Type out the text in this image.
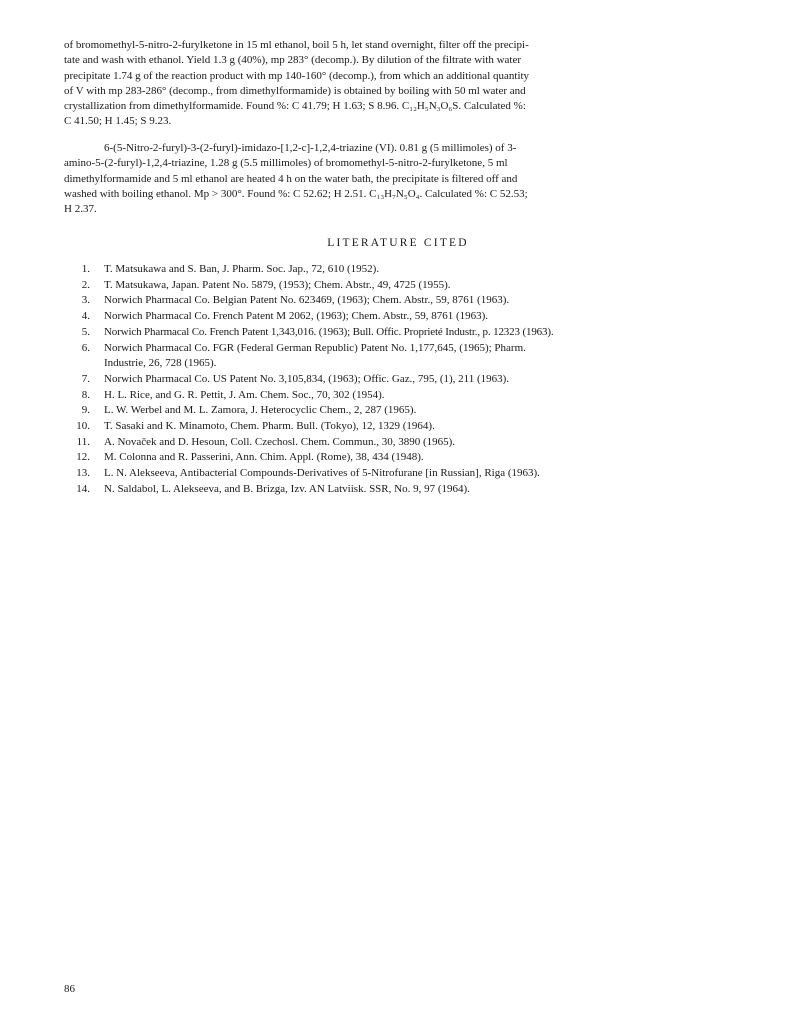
of bromomethyl-5-nitro-2-furylketone in 15 ml ethanol, boil 5 h, let stand overnight, filter off the precipi-
tate and wash with ethanol. Yield 1.3 g (40%), mp 283° (decomp.). By dilution of the filtrate with water
precipitate 1.74 g of the reaction product with mp 140-160° (decomp.), from which an additional quantity
of V with mp 283-286° (decomp., from dimethylformamide) is obtained by boiling with 50 ml water and
crystallization from dimethylformamide. Found %: C 41.79; H 1.63; S 8.96. C₁₂H₅N₃O₆S. Calculated %:
C 41.50; H 1.45; S 9.23.

6-(5-Nitro-2-furyl)-3-(2-furyl)-imidazo-[1,2-c]-1,2,4-triazine (VI). 0.81 g (5 millimoles) of 3-
amino-5-(2-furyl)-1,2,4-triazine, 1.28 g (5.5 millimoles) of bromomethyl-5-nitro-2-furylketone, 5 ml
dimethylformamide and 5 ml ethanol are heated 4 h on the water bath, the precipitate is filtered off and
washed with boiling ethanol. Mp > 300°. Found %: C 52.62; H 2.51. C₁₃H₇N₅O₄. Calculated %: C 52.53;
H 2.37.

LITERATURE CITED
1. T. Matsukawa and S. Ban, J. Pharm. Soc. Jap., 72, 610 (1952).
2. T. Matsukawa, Japan. Patent No. 5879, (1953); Chem. Abstr., 49, 4725 (1955).
3. Norwich Pharmacal Co. Belgian Patent No. 623469, (1963); Chem. Abstr., 59, 8761 (1963).
4. Norwich Pharmacal Co. French Patent M 2062, (1963); Chem. Abstr., 59, 8761 (1963).
5. Norwich Pharmacal Co. French Patent 1,343,016. (1963); Bull. Offic. Proprieté Industr., p. 12323 (1963).
6. Norwich Pharmacal Co. FGR (Federal German Republic) Patent No. 1,177,645, (1965); Pharm.
Industrie, 26, 728 (1965).
7. Norwich Pharmacal Co. US Patent No. 3,105,834, (1963); Offic. Gaz., 795, (1), 211 (1963).
8. H. L. Rice, and G. R. Pettit, J. Am. Chem. Soc., 70, 302 (1954).
9. L. W. Werbel and M. L. Zamora, J. Heterocyclic Chem., 2, 287 (1965).
10. T. Sasaki and K. Minamoto, Chem. Pharm. Bull. (Tokyo), 12, 1329 (1964).
11. A. Novaček and D. Hesoun, Coll. Czechosl. Chem. Commun., 30, 3890 (1965).
12. M. Colonna and R. Passerini, Ann. Chim. Appl. (Rome), 38, 434 (1948).
13. L. N. Alekseeva, Antibacterial Compounds-Derivatives of 5-Nitrofurane [in Russian], Riga (1963).
14. N. Saldabol, L. Alekseeva, and B. Brizga, Izv. AN Latviisk. SSR, No. 9, 97 (1964).
86
